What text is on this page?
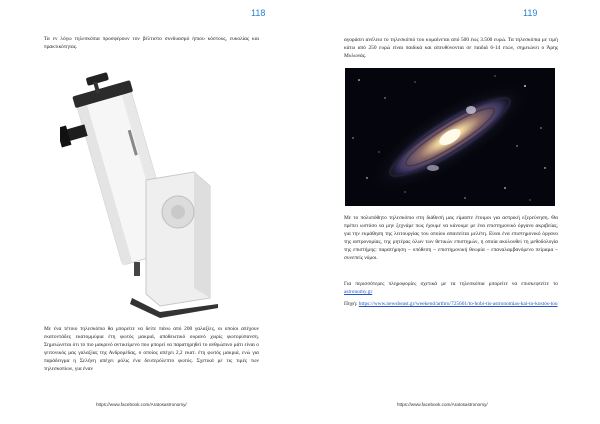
118

Τα εν λόγω τηλεσκόπια προσφέρουν τον βέλτιστο συνδυασμό ήπιου κόστους, ευκολίας και πρακτικότητας.

Με ένα τέτοιο τηλεσκόπιο θα μπορείτε να δείτε πάνω από 200 γαλαξίες, οι οποίοι απέχουν εκατοντάδες εκατομμύρια έτη φωτός μακριά, αποθεωτικό ουρανό χωρίς φωτορύπανση. Σημειώνεται ότι το πιο μακρινό αντικείμενο που μπορεί να παρατηρηθεί το ανθρώπινο μάτι είναι ο γειτονικός μας γαλαξίας της Ανδρομέδας, ο οποίος απέχει 2,2 εκατ. έτη φωτός μακριά, ενώ για παράδειγμα η Σελήνη απέχει μόλις ένα δευτερόλεπτο φωτός. Σχετικά με τις τιμές των τηλεσκοπίων, για έναν

https://www.facebook.com/Aratosastronomy/
119

αγοράσει ανέλειο το τηλεσκόπιό του κυμαίνεται από 500 έως 3.500 ευρώ. Τα τηλεσκόπια με τιμή κάτω από 250 ευρώ είναι παιδικά και απευθύνονται σε παιδιά 6-14 ετών, σημειώνει ο Άρης Μυλωνάς.

Με το πολυπόθητο τηλεσκόπιο στη διάθεσή μας είμαστε έτοιμοι για αστρική εξερεύνηση. Θα πρέπει ωστόσο να μην ξεχνάμε πως έχουμε να κάνουμε με ένα επιστημονικό όργανο ακριβείας, για την εκμάθηση της λειτουργίας του οποίου απαιτείται μελέτη. Είναι ένα επιστημονικό όργανο της αστρονομίας, της μητέρας όλων των θετικών επιστημών, η οποία ακολουθεί τη μεθοδολογία της επιστήμης: παρατήρηση – υπόθεση – επιστημονική θεωρία – επαναλαμβανόμενο πείραμα – συνεπείς νόμοι.

Για περισσότερες πληροφορίες σχετικά με τα τηλεσκόπια μπορείτε να επισκεφτείτε το astronomy.gr

Πηγή: https://www.newsbeast.gr/weekend/arthro/725661/to-hobi-tis-astronomias-kai-to-kostos-tou

https://www.facebook.com/Aratosastronomy/
